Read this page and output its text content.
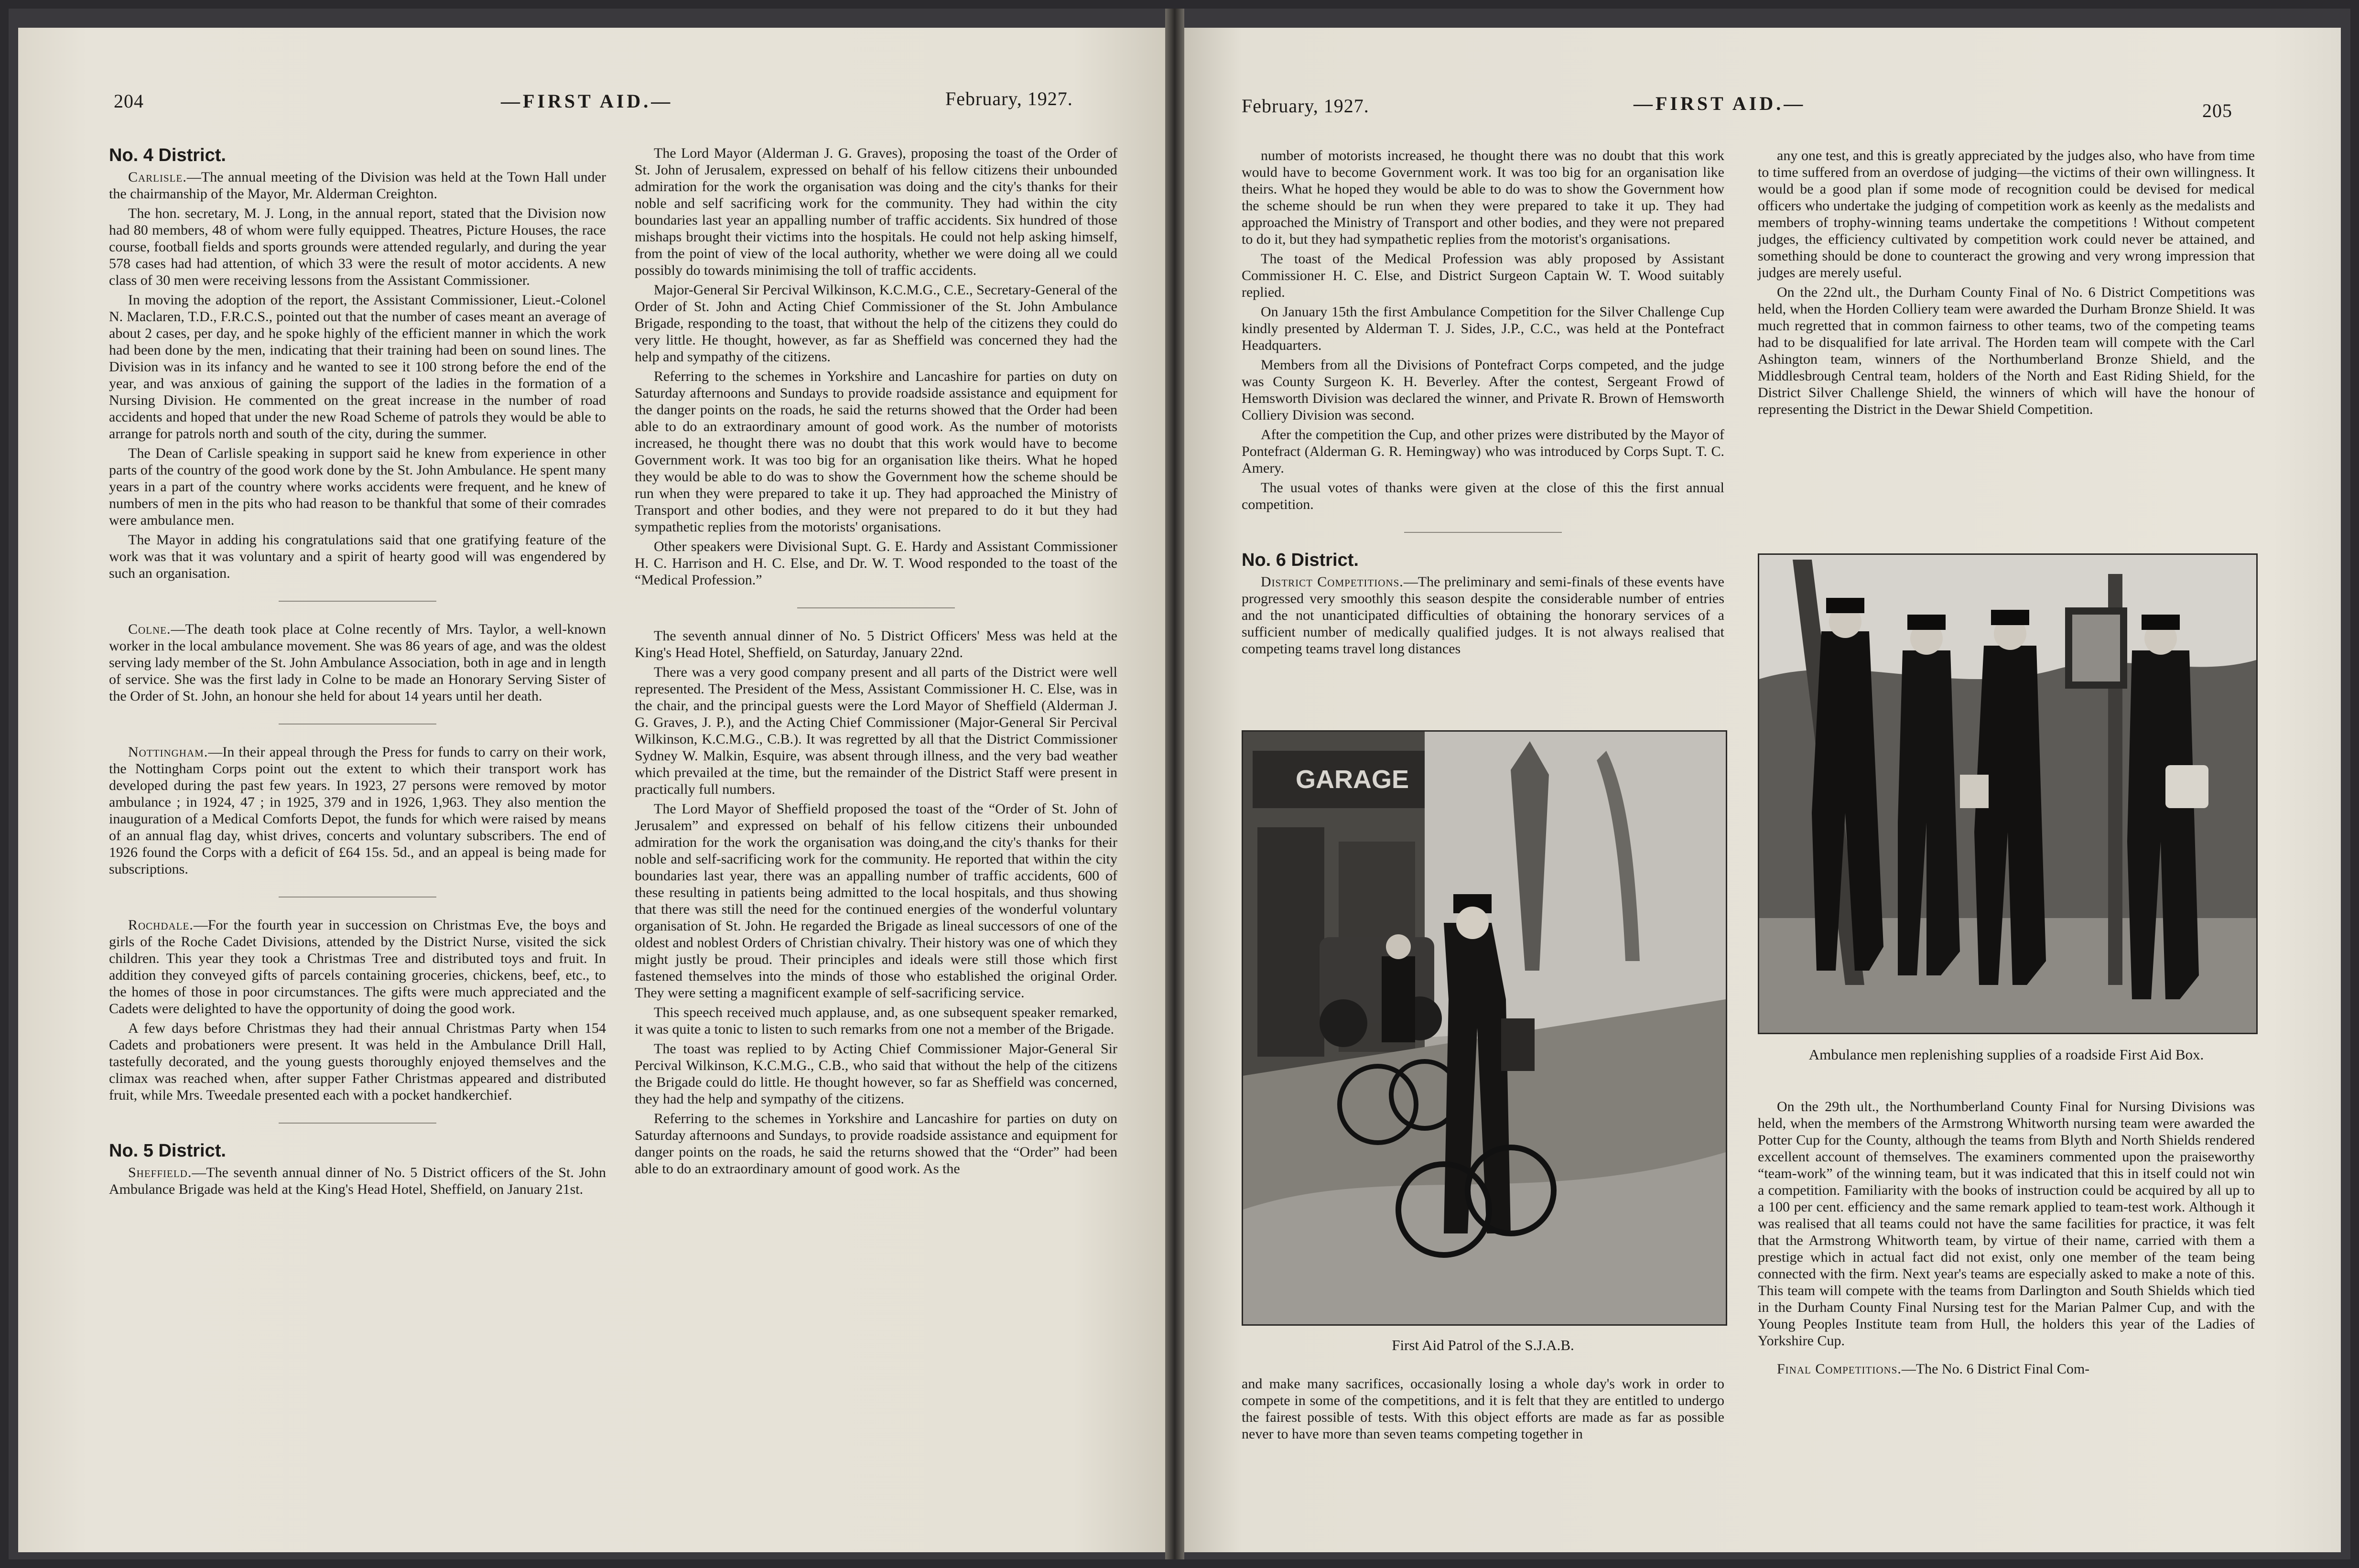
204	—FIRST AID.—	February, 1927.
No. 4 District.

Carlisle.—The annual meeting of the Division was held at the Town Hall under the chairmanship of the Mayor, Mr. Alderman Creighton.

The hon. secretary, M. J. Long, in the annual report, stated that the Division now had 80 members, 48 of whom were fully equipped. Theatres, Picture Houses, the race course, football fields and sports grounds were attended regularly, and during the year 578 cases had had attention, of which 33 were the result of motor accidents. A new class of 30 men were receiving lessons from the Assistant Commissioner.

In moving the adoption of the report, the Assistant Commissioner, Lieut.-Colonel N. Maclaren, T.D., F.R.C.S., pointed out that the number of cases meant an average of about 2 cases, per day, and he spoke highly of the efficient manner in which the work had been done by the men, indicating that their training had been on sound lines. The Division was in its infancy and he wanted to see it 100 strong before the end of the year, and was anxious of gaining the support of the ladies in the formation of a Nursing Division. He commented on the great increase in the number of road accidents and hoped that under the new Road Scheme of patrols they would be able to arrange for patrols north and south of the city, during the summer.

The Dean of Carlisle speaking in support said he knew from experience in other parts of the country of the good work done by the St. John Ambulance. He spent many years in a part of the country where works accidents were frequent, and he knew of numbers of men in the pits who had reason to be thankful that some of their comrades were ambulance men.

The Mayor in adding his congratulations said that one gratifying feature of the work was that it was voluntary and a spirit of hearty good will was engendered by such an organisation.

Colne.—The death took place at Colne recently of Mrs. Taylor, a well-known worker in the local ambulance movement. She was 86 years of age, and was the oldest serving lady member of the St. John Ambulance Association, both in age and in length of service. She was the first lady in Colne to be made an Honorary Serving Sister of the Order of St. John, an honour she held for about 14 years until her death.

Nottingham.—In their appeal through the Press for funds to carry on their work, the Nottingham Corps point out the extent to which their transport work has developed during the past few years. In 1923, 27 persons were removed by motor ambulance ; in 1924, 47 ; in 1925, 379 and in 1926, 1,963. They also mention the inauguration of a Medical Comforts Depot, the funds for which were raised by means of an annual flag day, whist drives, concerts and voluntary subscribers. The end of 1926 found the Corps with a deficit of £64 15s. 5d., and an appeal is being made for subscriptions.

Rochdale.—For the fourth year in succession on Christmas Eve, the boys and girls of the Roche Cadet Divisions, attended by the District Nurse, visited the sick children. This year they took a Christmas Tree and distributed toys and fruit. In addition they conveyed gifts of parcels containing groceries, chickens, beef, etc., to the homes of those in poor circumstances. The gifts were much appreciated and the Cadets were delighted to have the opportunity of doing the good work.

A few days before Christmas they had their annual Christmas Party when 154 Cadets and probationers were present. It was held in the Ambulance Drill Hall, tastefully decorated, and the young guests thoroughly enjoyed themselves and the climax was reached when, after supper Father Christmas appeared and distributed fruit, while Mrs. Tweedale presented each with a pocket handkerchief.

No. 5 District.

Sheffield.—The seventh annual dinner of No. 5 District officers of the St. John Ambulance Brigade was held at the King's Head Hotel, Sheffield, on January 21st.

The Lord Mayor (Alderman J. G. Graves), proposing the toast of the Order of St. John of Jerusalem, expressed on behalf of his fellow citizens their unbounded admiration for the work the organisation was doing and the city's thanks for their noble and self sacrificing work for the community. They had within the city boundaries last year an appalling number of traffic accidents. Six hundred of those mishaps brought their victims into the hospitals. He could not help asking himself, from the point of view of the local authority, whether we were doing all we could possibly do towards minimising the toll of traffic accidents.

Major-General Sir Percival Wilkinson, K.C.M.G., C.E., Secretary-General of the Order of St. John and Acting Chief Commissioner of the St. John Ambulance Brigade, responding to the toast, that without the help of the citizens they could do very little. He thought, however, as far as Sheffield was concerned they had the help and sympathy of the citizens.

Referring to the schemes in Yorkshire and Lancashire for parties on duty on Saturday afternoons and Sundays to provide roadside assistance and equipment for the danger points on the roads, he said the returns showed that the Order had been able to do an extraordinary amount of good work. As the number of motorists increased, he thought there was no doubt that this work would have to become Government work. It was too big for an organisation like theirs. What he hoped they would be able to do was to show the Government how the scheme should be run when they were prepared to take it up. They had approached the Ministry of Transport and other bodies, and they were not prepared to do it but they had sympathetic replies from the motorists' organisations.

Other speakers were Divisional Supt. G. E. Hardy and Assistant Commissioner H. C. Harrison and H. C. Else, and Dr. W. T. Wood responded to the toast of the “Medical Profession.”

The seventh annual dinner of No. 5 District Officers' Mess was held at the King's Head Hotel, Sheffield, on Saturday, January 22nd.

There was a very good company present and all parts of the District were well represented. The President of the Mess, Assistant Commissioner H. C. Else, was in the chair, and the principal guests were the Lord Mayor of Sheffield (Alderman J. G. Graves, J. P.), and the Acting Chief Commissioner (Major-General Sir Percival Wilkinson, K.C.M.G., C.B.). It was regretted by all that the District Commissioner Sydney W. Malkin, Esquire, was absent through illness, and the very bad weather which prevailed at the time, but the remainder of the District Staff were present in practically full numbers.

The Lord Mayor of Sheffield proposed the toast of the “Order of St. John of Jerusalem” and expressed on behalf of his fellow citizens their unbounded admiration for the work the organisation was doing,and the city's thanks for their noble and self-sacrificing work for the community. He reported that within the city boundaries last year, there was an appalling number of traffic accidents, 600 of these resulting in patients being admitted to the local hospitals, and thus showing that there was still the need for the continued energies of the wonderful voluntary organisation of St. John. He regarded the Brigade as lineal successors of one of the oldest and noblest Orders of Christian chivalry. Their history was one of which they might justly be proud. Their principles and ideals were still those which first fastened themselves into the minds of those who established the original Order. They were setting a magnificent example of self-sacrificing service.

This speech received much applause, and, as one subsequent speaker remarked, it was quite a tonic to listen to such remarks from one not a member of the Brigade.

The toast was replied to by Acting Chief Commissioner Major-General Sir Percival Wilkinson, K.C.M.G., C.B., who said that without the help of the citizens the Brigade could do little. He thought however, so far as Sheffield was concerned, they had the help and sympathy of the citizens.

Referring to the schemes in Yorkshire and Lancashire for parties on duty on Saturday afternoons and Sundays, to provide roadside assistance and equipment for danger points on the roads, he said the returns showed that the “Order” had been able to do an extraordinary amount of good work. As the

February, 1927.	—FIRST AID.—	205

number of motorists increased, he thought there was no doubt that this work would have to become Government work. It was too big for an organisation like theirs. What he hoped they would be able to do was to show the Government how the scheme should be run when they were prepared to take it up. They had approached the Ministry of Transport and other bodies, and they were not prepared to do it, but they had sympathetic replies from the motorist's organisations.

The toast of the Medical Profession was ably proposed by Assistant Commissioner H. C. Else, and District Surgeon Captain W. T. Wood suitably replied.

On January 15th the first Ambulance Competition for the Silver Challenge Cup kindly presented by Alderman T. J. Sides, J.P., C.C., was held at the Pontefract Headquarters.

Members from all the Divisions of Pontefract Corps competed, and the judge was County Surgeon K. H. Beverley. After the contest, Sergeant Frowd of Hemsworth Division was declared the winner, and Private R. Brown of Hemsworth Colliery Division was second.

After the competition the Cup, and other prizes were distributed by the Mayor of Pontefract (Alderman G. R. Hemingway) who was introduced by Corps Supt. T. C. Amery.

The usual votes of thanks were given at the close of this the first annual competition.

No. 6 District.

District Competitions.—The preliminary and semi-finals of these events have progressed very smoothly this season despite the considerable number of entries and the not unanticipated difficulties of obtaining the honorary services of a sufficient number of medically qualified judges. It is not always realised that competing teams travel long distances

GARAGE
First Aid Patrol of the S.J.A.B.

and make many sacrifices, occasionally losing a whole day's work in order to compete in some of the competitions, and it is felt that they are entitled to undergo the fairest possible of tests. With this object efforts are made as far as possible never to have more than seven teams competing together in

any one test, and this is greatly appreciated by the judges also, who have from time to time suffered from an overdose of judging—the victims of their own willingness. It would be a good plan if some mode of recognition could be devised for medical officers who undertake the judging of competition work as keenly as the medalists and members of trophy-winning teams undertake the competitions ! Without competent judges, the efficiency cultivated by competition work could never be attained, and something should be done to counteract the growing and very wrong impression that judges are merely useful.

On the 22nd ult., the Durham County Final of No. 6 District Competitions was held, when the Horden Colliery team were awarded the Durham Bronze Shield. It was much regretted that in common fairness to other teams, two of the competing teams had to be disqualified for late arrival. The Horden team will compete with the Carl Ashington team, winners of the Northumberland Bronze Shield, and the Middlesbrough Central team, holders of the North and East Riding Shield, for the District Silver Challenge Shield, the winners of which will have the honour of representing the District in the Dewar Shield Competition.

Ambulance men replenishing supplies of a roadside First Aid Box.

On the 29th ult., the Northumberland County Final for Nursing Divisions was held, when the members of the Armstrong Whitworth nursing team were awarded the Potter Cup for the County, although the teams from Blyth and North Shields rendered excellent account of themselves. The examiners commented upon the praiseworthy “team-work” of the winning team, but it was indicated that this in itself could not win a competition. Familiarity with the books of instruction could be acquired by all up to a 100 per cent. efficiency and the same remark applied to team-test work. Although it was realised that all teams could not have the same facilities for practice, it was felt that the Armstrong Whitworth team, by virtue of their name, carried with them a prestige which in actual fact did not exist, only one member of the team being connected with the firm. Next year's teams are especially asked to make a note of this. This team will compete with the teams from Darlington and South Shields which tied in the Durham County Final Nursing test for the Marian Palmer Cup, and with the Young Peoples Institute team from Hull, the holders this year of the Ladies of Yorkshire Cup.

Final Competitions.—The No. 6 District Final Com-
